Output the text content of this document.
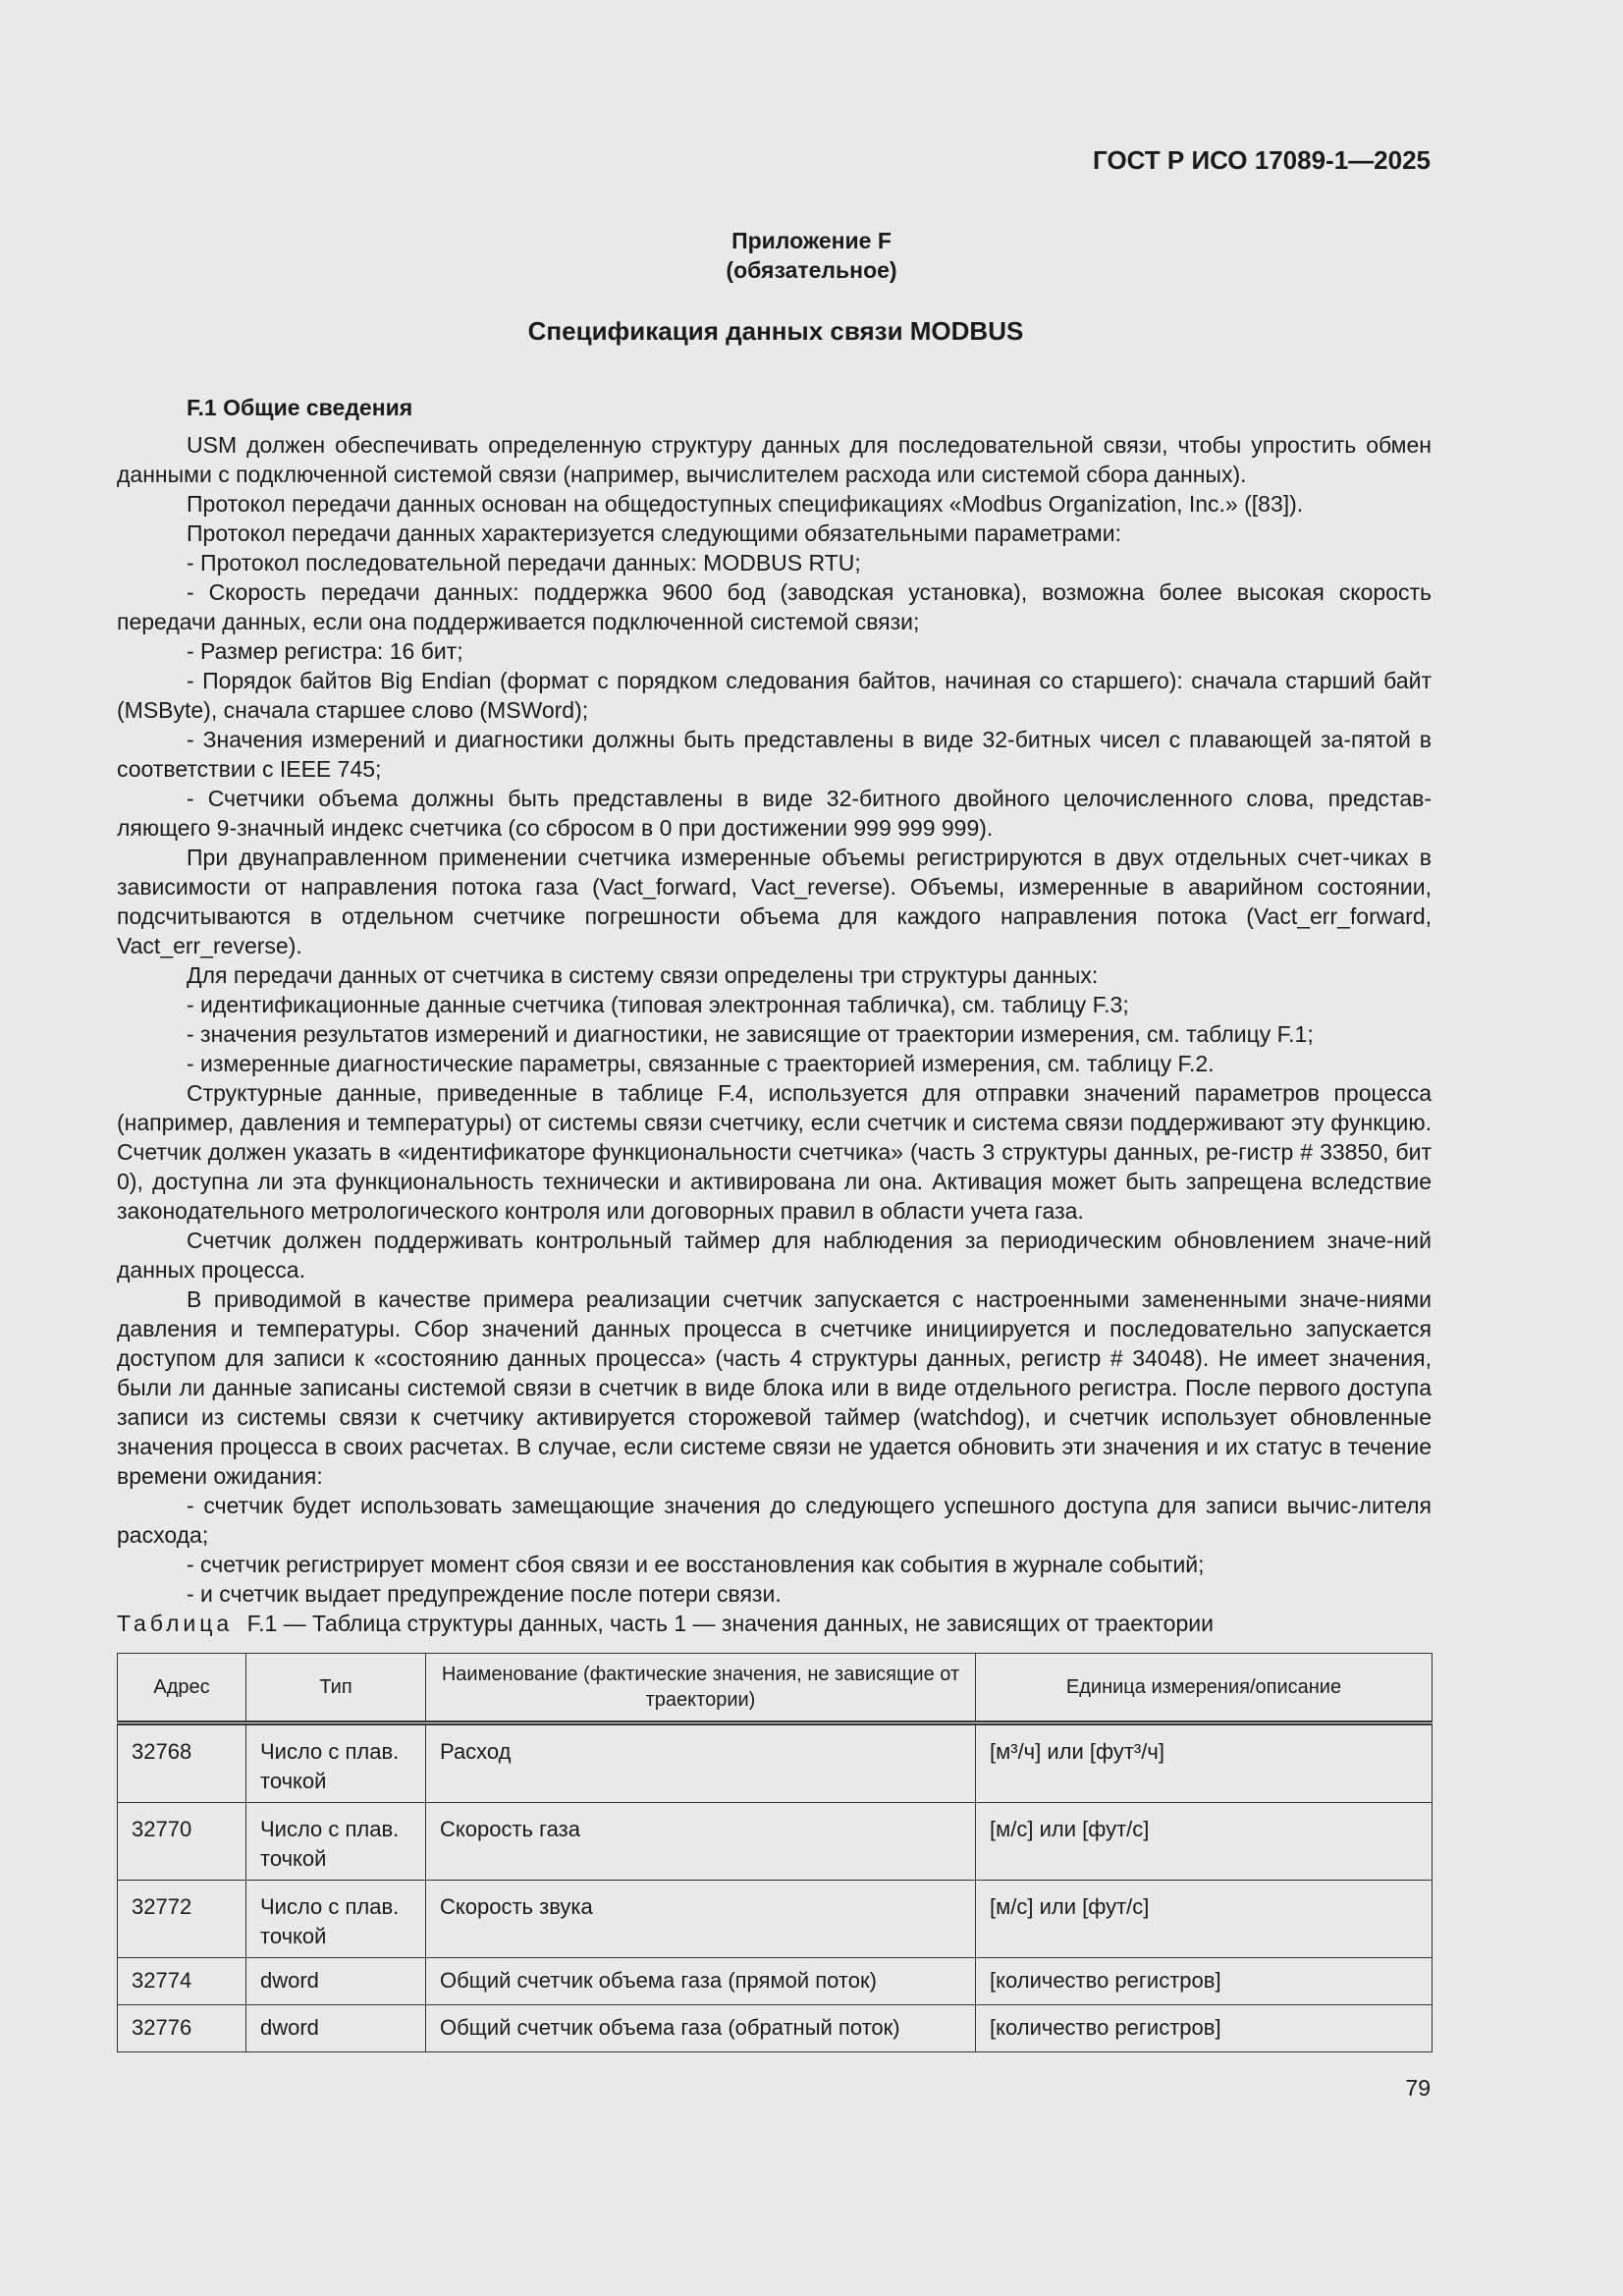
ГОСТ Р ИСО 17089-1—2025
Приложение F
(обязательное)
Спецификация данных связи MODBUS
F.1 Общие сведения

USM должен обеспечивать определенную структуру данных для последовательной связи, чтобы упростить обмен данными с подключенной системой связи (например, вычислителем расхода или системой сбора данных).

Протокол передачи данных основан на общедоступных спецификациях «Modbus Organization, Inc.» ([83]).

Протокол передачи данных характеризуется следующими обязательными параметрами:

- Протокол последовательной передачи данных: MODBUS RTU;

- Скорость передачи данных: поддержка 9600 бод (заводская установка), возможна более высокая скорость передачи данных, если она поддерживается подключенной системой связи;

- Размер регистра: 16 бит;

- Порядок байтов Big Endian (формат с порядком следования байтов, начиная со старшего): сначала старший байт (MSByte), сначала старшее слово (MSWord);

- Значения измерений и диагностики должны быть представлены в виде 32-битных чисел с плавающей за-пятой в соответствии с IEEE 745;

- Счетчики объема должны быть представлены в виде 32-битного двойного целочисленного слова, представ-ляющего 9-значный индекс счетчика (со сбросом в 0 при достижении 999 999 999).

При двунаправленном применении счетчика измеренные объемы регистрируются в двух отдельных счет-чиках в зависимости от направления потока газа (Vact_forward, Vact_reverse). Объемы, измеренные в аварийном состоянии, подсчитываются в отдельном счетчике погрешности объема для каждого направления потока (Vact_err_forward, Vact_err_reverse).

Для передачи данных от счетчика в систему связи определены три структуры данных:

- идентификационные данные счетчика (типовая электронная табличка), см. таблицу F.3;

- значения результатов измерений и диагностики, не зависящие от траектории измерения, см. таблицу F.1;

- измеренные диагностические параметры, связанные с траекторией измерения, см. таблицу F.2.

Структурные данные, приведенные в таблице F.4, используется для отправки значений параметров процесса (например, давления и температуры) от системы связи счетчику, если счетчик и система связи поддерживают эту функцию. Счетчик должен указать в «идентификаторе функциональности счетчика» (часть 3 структуры данных, ре-гистр # 33850, бит 0), доступна ли эта функциональность технически и активирована ли она. Активация может быть запрещена вследствие законодательного метрологического контроля или договорных правил в области учета газа.

Счетчик должен поддерживать контрольный таймер для наблюдения за периодическим обновлением значе-ний данных процесса.

В приводимой в качестве примера реализации счетчик запускается с настроенными замененными значе-ниями давления и температуры. Сбор значений данных процесса в счетчике инициируется и последовательно запускается доступом для записи к «состоянию данных процесса» (часть 4 структуры данных, регистр # 34048). Не имеет значения, были ли данные записаны системой связи в счетчик в виде блока или в виде отдельного регистра. После первого доступа записи из системы связи к счетчику активируется сторожевой таймер (watchdog), и счетчик использует обновленные значения процесса в своих расчетах. В случае, если системе связи не удается обновить эти значения и их статус в течение времени ожидания:

- счетчик будет использовать замещающие значения до следующего успешного доступа для записи вычис-лителя расхода;

- счетчик регистрирует момент сбоя связи и ее восстановления как события в журнале событий;

- и счетчик выдает предупреждение после потери связи.

Таблица F.1 — Таблица структуры данных, часть 1 — значения данных, не зависящих от траектории
Адрес	Тип	Наименование (фактические значения, не зависящие от траектории)	Единица измерения/описание
32768	Число с плав. точкой	Расход	[м³/ч] или [фут³/ч]
32770	Число с плав. точкой	Скорость газа	[м/с] или [фут/с]
32772	Число с плав. точкой	Скорость звука	[м/с] или [фут/с]
32774	dword	Общий счетчик объема газа (прямой поток)	[количество регистров]
32776	dword	Общий счетчик объема газа (обратный поток)	[количество регистров]
79
